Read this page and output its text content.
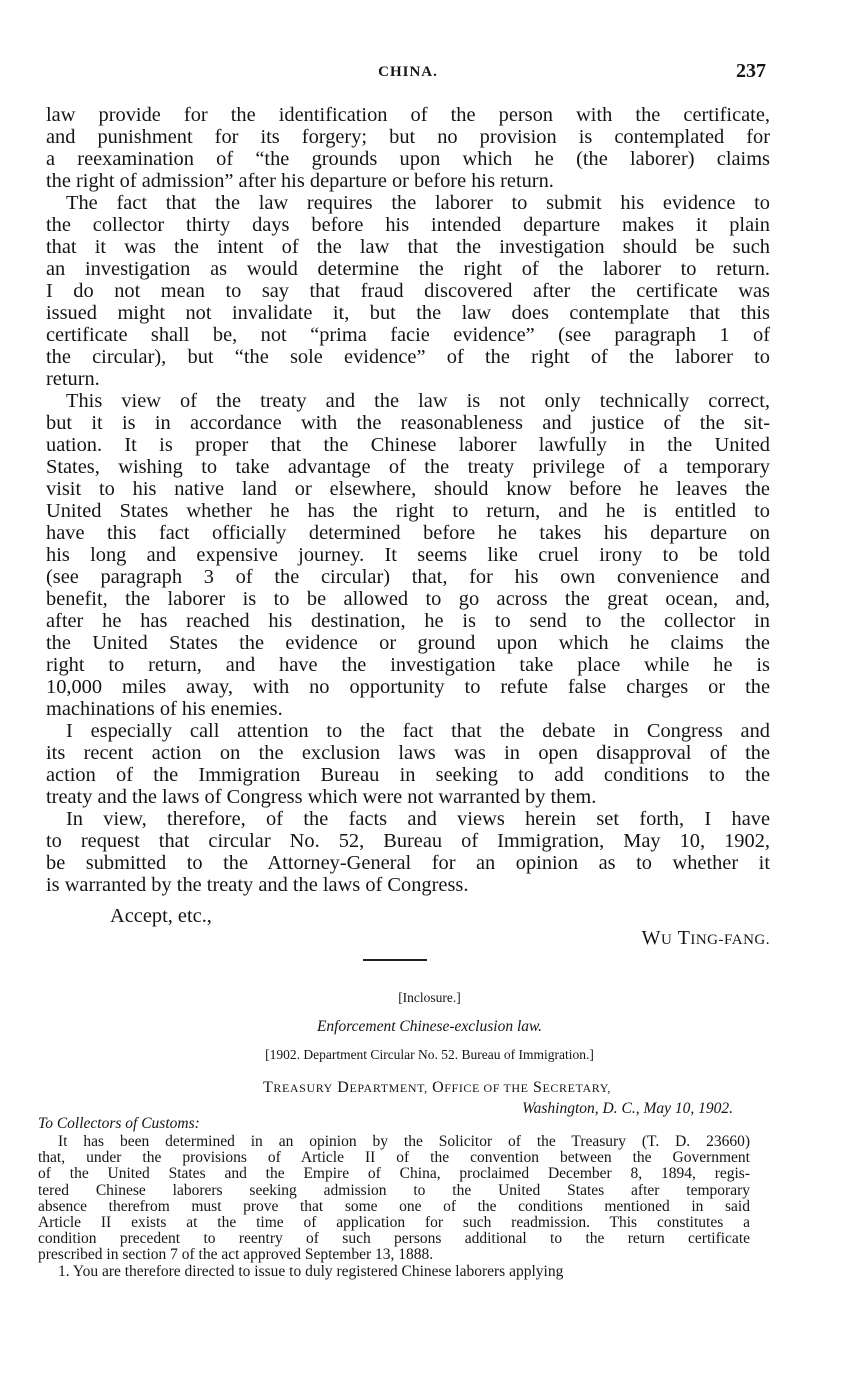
CHINA.	237

law provide for the identification of the person with the certificate,
and punishment for its forgery; but no provision is contemplated for
a reexamination of “the grounds upon which he (the laborer) claims
the right of admission” after his departure or before his return.

The fact that the law requires the laborer to submit his evidence to
the collector thirty days before his intended departure makes it plain
that it was the intent of the law that the investigation should be such
an investigation as would determine the right of the laborer to return.
I do not mean to say that fraud discovered after the certificate was
issued might not invalidate it, but the law does contemplate that this
certificate shall be, not “prima facie evidence” (see paragraph 1 of
the circular), but “the sole evidence” of the right of the laborer to
return.

This view of the treaty and the law is not only technically correct,
but it is in accordance with the reasonableness and justice of the sit-
uation. It is proper that the Chinese laborer lawfully in the United
States, wishing to take advantage of the treaty privilege of a temporary
visit to his native land or elsewhere, should know before he leaves the
United States whether he has the right to return, and he is entitled to
have this fact officially determined before he takes his departure on
his long and expensive journey. It seems like cruel irony to be told
(see paragraph 3 of the circular) that, for his own convenience and
benefit, the laborer is to be allowed to go across the great ocean, and,
after he has reached his destination, he is to send to the collector in
the United States the evidence or ground upon which he claims the
right to return, and have the investigation take place while he is
10,000 miles away, with no opportunity to refute false charges or the
machinations of his enemies.

I especially call attention to the fact that the debate in Congress and
its recent action on the exclusion laws was in open disapproval of the
action of the Immigration Bureau in seeking to add conditions to the
treaty and the laws of Congress which were not warranted by them.

In view, therefore, of the facts and views herein set forth, I have
to request that circular No. 52, Bureau of Immigration, May 10, 1902,
be submitted to the Attorney-General for an opinion as to whether it
is warranted by the treaty and the laws of Congress.

Accept, etc.,
WU TING-FANG.
[Inclosure.]
Enforcement Chinese-exclusion law.
[1902. Department Circular No. 52. Bureau of Immigration.]
TREASURY DEPARTMENT, OFFICE OF THE SECRETARY,
Washington, D. C., May 10, 1902.
To Collectors of Customs:

It has been determined in an opinion by the Solicitor of the Treasury (T. D. 23660)
that, under the provisions of Article II of the convention between the Government
of the United States and the Empire of China, proclaimed December 8, 1894, regis-
tered Chinese laborers seeking admission to the United States after temporary
absence therefrom must prove that some one of the conditions mentioned in said
Article II exists at the time of application for such readmission. This constitutes a
condition precedent to reentry of such persons additional to the return certificate
prescribed in section 7 of the act approved September 13, 1888.

1. You are therefore directed to issue to duly registered Chinese laborers applying
